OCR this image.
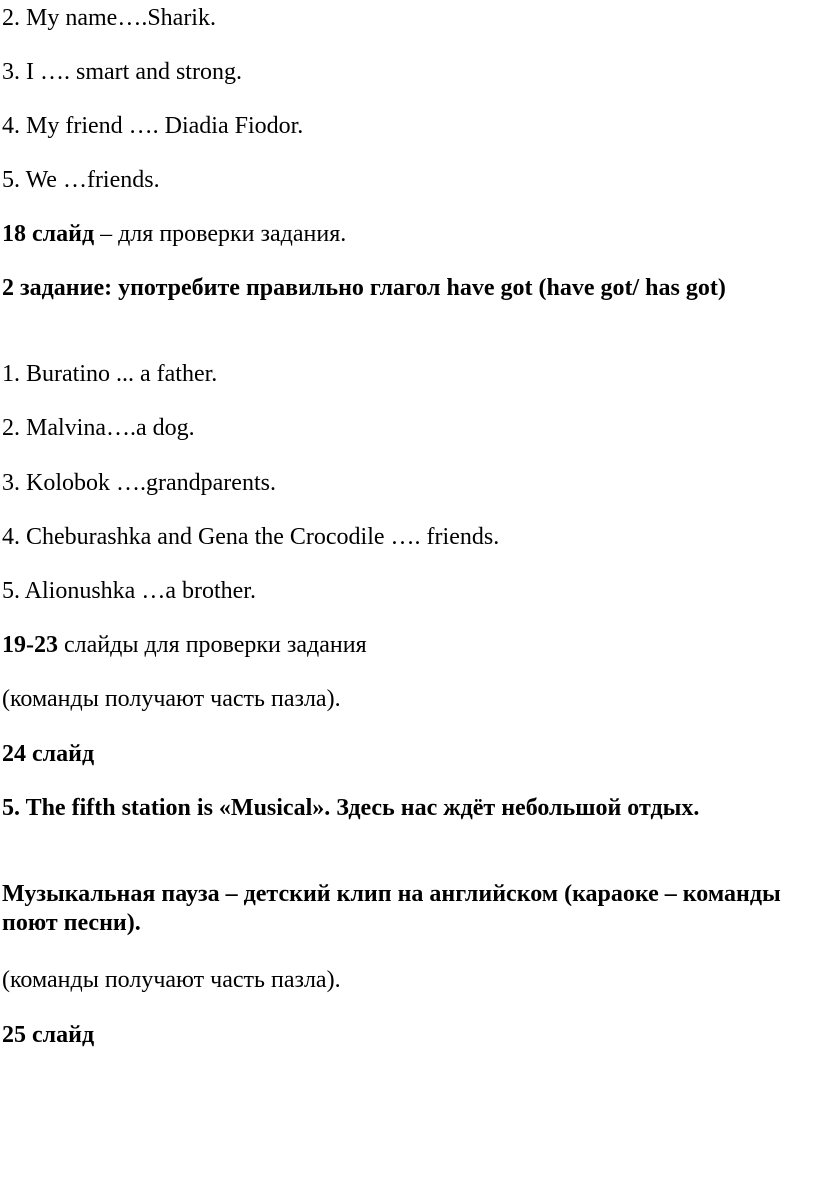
2. My name….Sharik.
3. I …. smart and strong.
4. My friend …. Diadia Fiodor.
5. We …friends.
18 слайд – для проверки задания.
2 задание: употребите правильно глагол have got (have got/ has got)
1. Buratino ... a father.
2. Malvina….a dog.
3. Kolobok ….grandparents.
4. Cheburashka and Gena the Crocodile …. friends.
5. Alionushka …a brother.
19-23 слайды для проверки задания
(команды получают часть пазла).
24 слайд
5. The fifth station is «Musical». Здесь нас ждёт небольшой отдых.
Музыкальная пауза – детский клип на английском (караоке – команды поют песни).
(команды получают часть пазла).
25 слайд
